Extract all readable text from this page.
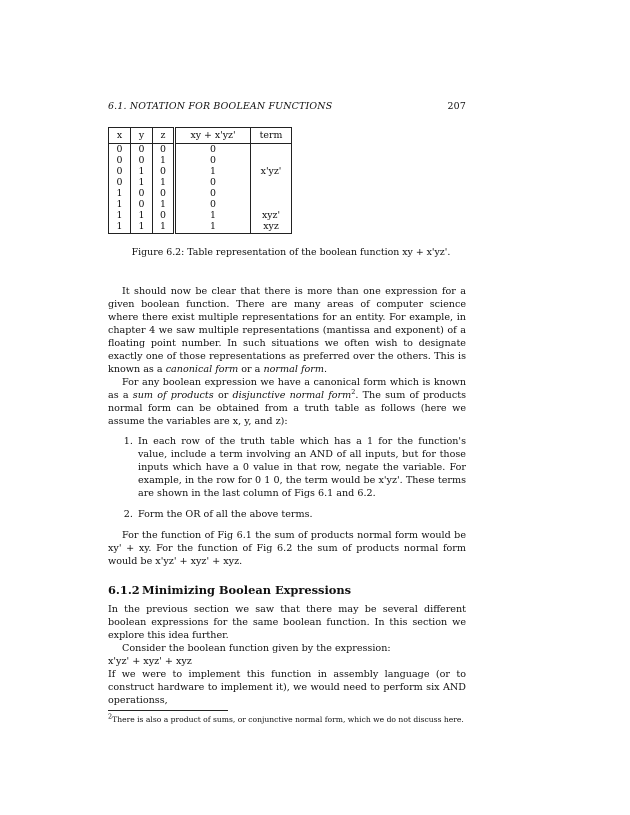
6.1. NOTATION FOR BOOLEAN FUNCTIONS	207
x	y	z	xy + x'yz'	term
0	0	0	0	
0	0	1	0	
0	1	0	1	x'yz'
0	1	1	0	
1	0	0	0	
1	0	1	0	
1	1	0	1	xyz'
1	1	1	1	xyz
Figure 6.2: Table representation of the boolean function xy + x'yz'.

It should now be clear that there is more than one expression for a given boolean function. There are many areas of computer science where there exist multiple representations for an entity. For example, in chapter 4 we saw multiple representations (mantissa and exponent) of a floating point number. In such situations we often wish to designate exactly one of those representations as preferred over the others. This is known as a canonical form or a normal form.

For any boolean expression we have a canonical form which is known as a sum of products or disjunctive normal form$^2$. The sum of products normal form can be obtained from a truth table as follows (here we assume the variables are x, y, and z):

1. In each row of the truth table which has a 1 for the function's value, include a term involving an AND of all inputs, but for those inputs which have a 0 value in that row, negate the variable. For example, in the row for 0 1 0, the term would be x'yz'. These terms are shown in the last column of Figs 6.1 and 6.2.
2. Form the OR of all the above terms.

For the function of Fig 6.1 the sum of products normal form would be xy' + xy. For the function of Fig 6.2 the sum of products normal form would be x'yz' + xyz' + xyz.

6.1.2 Minimizing Boolean Expressions

In the previous section we saw that there may be several different boolean expressions for the same boolean function. In this section we explore this idea further.

Consider the boolean function given by the expression:

x'yz' + xyz' + xyz

If we were to implement this function in assembly language (or to construct hardware to implement it), we would need to perform six AND operationss,

$^2$There is also a product of sums, or conjunctive normal form, which we do not discuss here.
